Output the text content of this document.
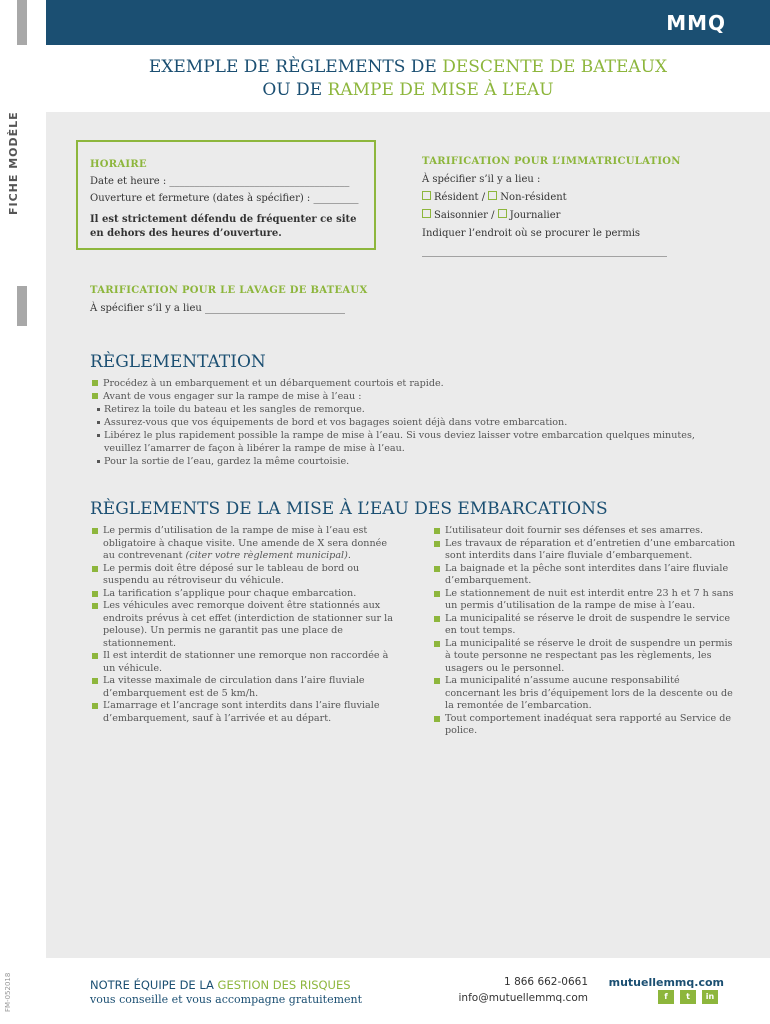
FICHE MODÈLE
FM-052018
MMQ
EXEMPLE DE RÈGLEMENTS DE DESCENTE DE BATEAUX
OU DE RAMPE DE MISE À L’EAU
HORAIRE
Date et heure : ____________________________________
Ouverture et fermeture (dates à spécifier) : _________
Il est strictement défendu de fréquenter ce site en dehors des heures d’ouverture.
TARIFICATION POUR L’IMMATRICULATION
À spécifier s’il y a lieu :
Résident / Non-résident
Saisonnier / Journalier
Indiquer l’endroit où se procurer le permis
_________________________________________________
TARIFICATION POUR LE LAVAGE DE BATEAUX
À spécifier s’il y a lieu ____________________________
RÈGLEMENTATION
Procédez à un embarquement et un débarquement courtois et rapide.
Avant de vous engager sur la rampe de mise à l’eau :
Retirez la toile du bateau et les sangles de remorque.
Assurez-vous que vos équipements de bord et vos bagages soient déjà dans votre embarcation.
Libérez le plus rapidement possible la rampe de mise à l’eau. Si vous deviez laisser votre embarcation quelques minutes, veuillez l’amarrer de façon à libérer la rampe de mise à l’eau.
Pour la sortie de l’eau, gardez la même courtoisie.
RÈGLEMENTS DE LA MISE À L’EAU DES EMBARCATIONS
Le permis d’utilisation de la rampe de mise à l’eau est obligatoire à chaque visite. Une amende de X sera donnée au contrevenant (citer votre règlement municipal).
Le permis doit être déposé sur le tableau de bord ou suspendu au rétroviseur du véhicule.
La tarification s’applique pour chaque embarcation.
Les véhicules avec remorque doivent être stationnés aux endroits prévus à cet effet (interdiction de stationner sur la pelouse). Un permis ne garantit pas une place de stationnement.
Il est interdit de stationner une remorque non raccordée à un véhicule.
La vitesse maximale de circulation dans l’aire fluviale d’embarquement est de 5 km/h.
L’amarrage et l’ancrage sont interdits dans l’aire fluviale d’embarquement, sauf à l’arrivée et au départ.
L’utilisateur doit fournir ses défenses et ses amarres.
Les travaux de réparation et d’entretien d’une embarcation sont interdits dans l’aire fluviale d’embarquement.
La baignade et la pêche sont interdites dans l’aire fluviale d’embarquement.
Le stationnement de nuit est interdit entre 23 h et 7 h sans un permis d’utilisation de la rampe de mise à l’eau.
La municipalité se réserve le droit de suspendre le service en tout temps.
La municipalité se réserve le droit de suspendre un permis à toute personne ne respectant pas les règlements, les usagers ou le personnel.
La municipalité n’assume aucune responsabilité concernant les bris d’équipement lors de la descente ou de la remontée de l’embarcation.
Tout comportement inadéquat sera rapporté au Service de police.
NOTRE ÉQUIPE DE LA GESTION DES RISQUES
vous conseille et vous accompagne gratuitement
1 866 662-0661
info@mutuellemmq.com
mutuellemmq.com
f	t	in
